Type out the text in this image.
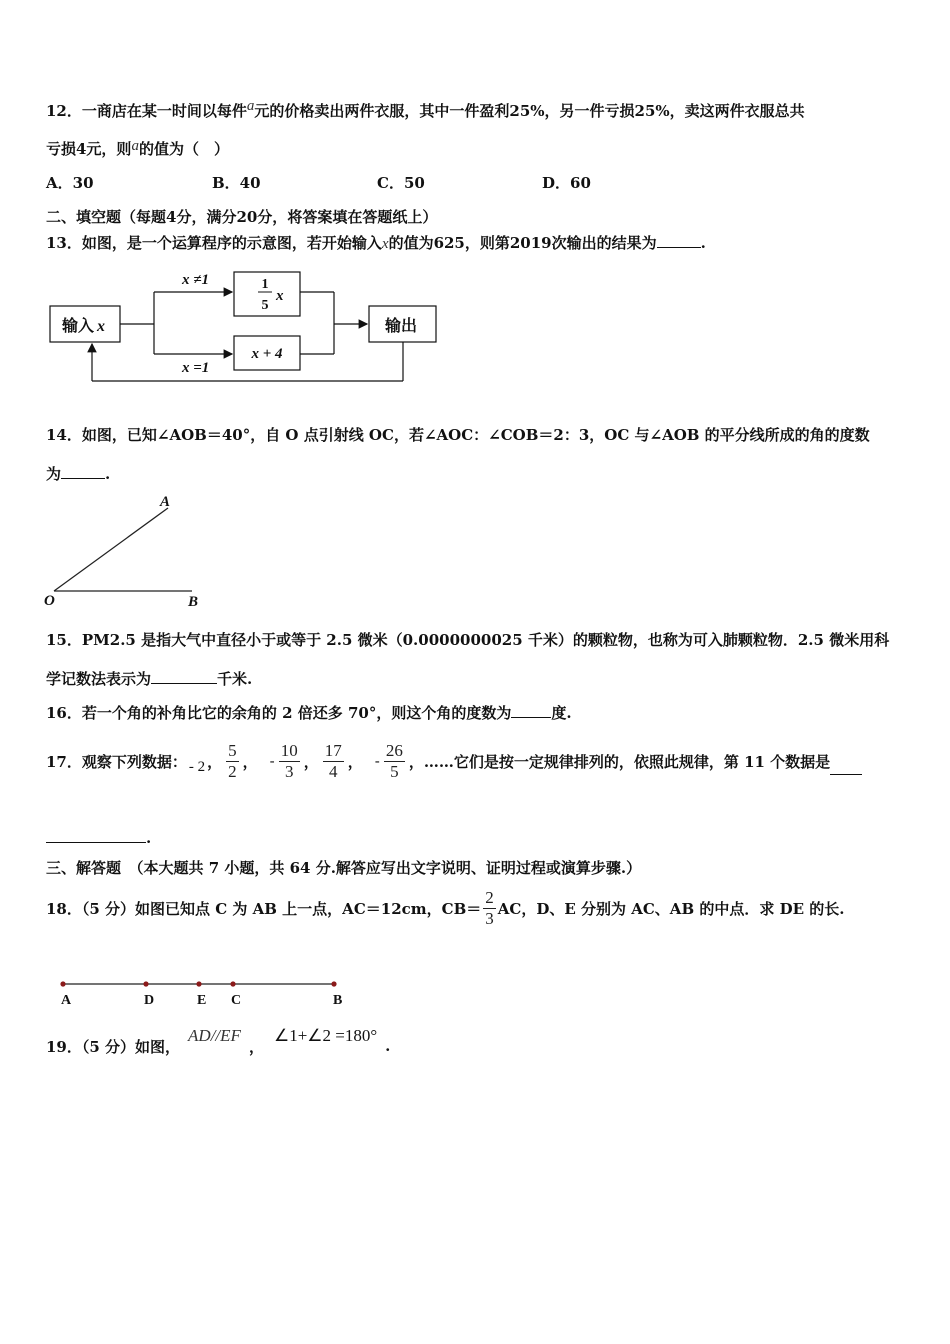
12．一商店在某一时间以每件a元的价格卖出两件衣服，其中一件盈利25%，另一件亏损25%，卖这两件衣服总共
亏损4元，则a的值为（　）
A．30	B．40	C．50	D．60
二、填空题（每题4分，满分20分，将答案填在答题纸上）
13．如图，是一个运算程序的示意图，若开始输入x的值为625，则第2019次输出的结果为	.
输入 x
x ≠1
x =1
1
5
x
x + 4
输出
14．如图，已知∠AOB＝40°，自 O 点引射线 OC，若∠AOC：∠COB＝2：3，OC 与∠AOB 的平分线所成的角的度数
为	.
A
O	B
15．PM2.5 是指大气中直径小于或等于 2.5 微米（0.0000000025 千米）的颗粒物，也称为可入肺颗粒物．2.5 微米用科
学记数法表示为	千米.
16．若一个角的补角比它的余角的 2 倍还多 70°，则这个角的度数为	度.
17．观察下列数据： - 2 ， $\frac{5}{2}$ ， - $\frac{10}{3}$ ， $\frac{17}{4}$ ， - $\frac{26}{5}$ ，……它们是按一定规律排列的，依照此规律，第 11 个数据是
.
三、解答题　（本大题共 7 小题，共 64 分.解答应写出文字说明、证明过程或演算步骤.）
18．（5 分）如图已知点 C 为 AB 上一点，AC＝12cm，$CB= \frac{2}{3}$ AC，D、E 分别为 AC、AB 的中点．求 DE 的长.
A	D	E C	B
19．（5 分）如图，
AD//EF
，
∠1+∠2 =180°
.
